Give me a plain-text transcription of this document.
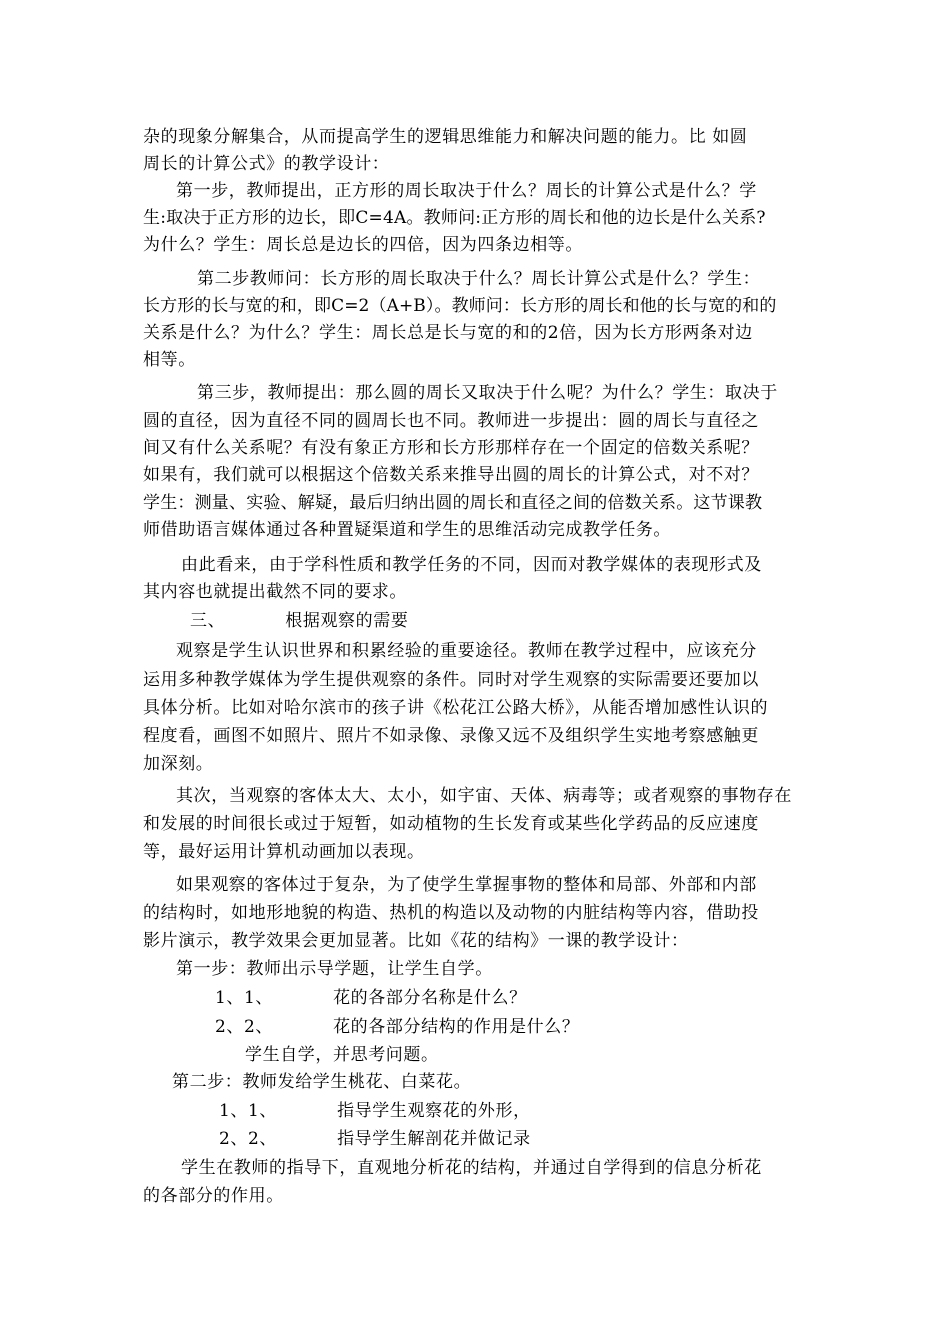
杂的现象分解集合，从而提高学生的逻辑思维能力和解决问题的能力。比 如圆
周长的计算公式》的教学设计：
第一步，教师提出，正方形的周长取决于什么？周长的计算公式是什么？学
生:取决于正方形的边长，即C=4A。教师问:正方形的周长和他的边长是什么关系?
为什么？学生：周长总是边长的四倍，因为四条边相等。
第二步教师问：长方形的周长取决于什么？周长计算公式是什么？学生：
长方形的长与宽的和，即C=2（A+B）。教师问：长方形的周长和他的长与宽的和的
关系是什么？为什么？学生：周长总是长与宽的和的2倍，因为长方形两条对边
相等。
第三步，教师提出：那么圆的周长又取决于什么呢？为什么？学生：取决于
圆的直径，因为直径不同的圆周长也不同。教师进一步提出：圆的周长与直径之
间又有什么关系呢？有没有象正方形和长方形那样存在一个固定的倍数关系呢？
如果有，我们就可以根据这个倍数关系来推导出圆的周长的计算公式，对不对？
学生：测量、实验、解疑，最后归纳出圆的周长和直径之间的倍数关系。这节课教
师借助语言媒体通过各种置疑渠道和学生的思维活动完成教学任务。
由此看来，由于学科性质和教学任务的不同，因而对教学媒体的表现形式及
其内容也就提出截然不同的要求。
三、          根据观察的需要
观察是学生认识世界和积累经验的重要途径。教师在教学过程中，应该充分
运用多种教学媒体为学生提供观察的条件。同时对学生观察的实际需要还要加以
具体分析。比如对哈尔滨市的孩子讲《松花江公路大桥》，从能否增加感性认识的
程度看，画图不如照片、照片不如录像、录像又远不及组织学生实地考察感触更
加深刻。
其次，当观察的客体太大、太小，如宇宙、天体、病毒等；或者观察的事物存在
和发展的时间很长或过于短暂，如动植物的生长发育或某些化学药品的反应速度
等，最好运用计算机动画加以表现。
如果观察的客体过于复杂，为了使学生掌握事物的整体和局部、外部和内部
的结构时，如地形地貌的构造、热机的构造以及动物的内脏结构等内容，借助投
影片演示，教学效果会更加显著。比如《花的结构》一课的教学设计：
第一步：教师出示导学题，让学生自学。
1、1、          花的各部分名称是什么？
2、2、          花的各部分结构的作用是什么？
学生自学，并思考问题。
第二步：教师发给学生桃花、白菜花。
1、1、          指导学生观察花的外形，
2、2、          指导学生解剖花并做记录
学生在教师的指导下，直观地分析花的结构，并通过自学得到的信息分析花
的各部分的作用。
